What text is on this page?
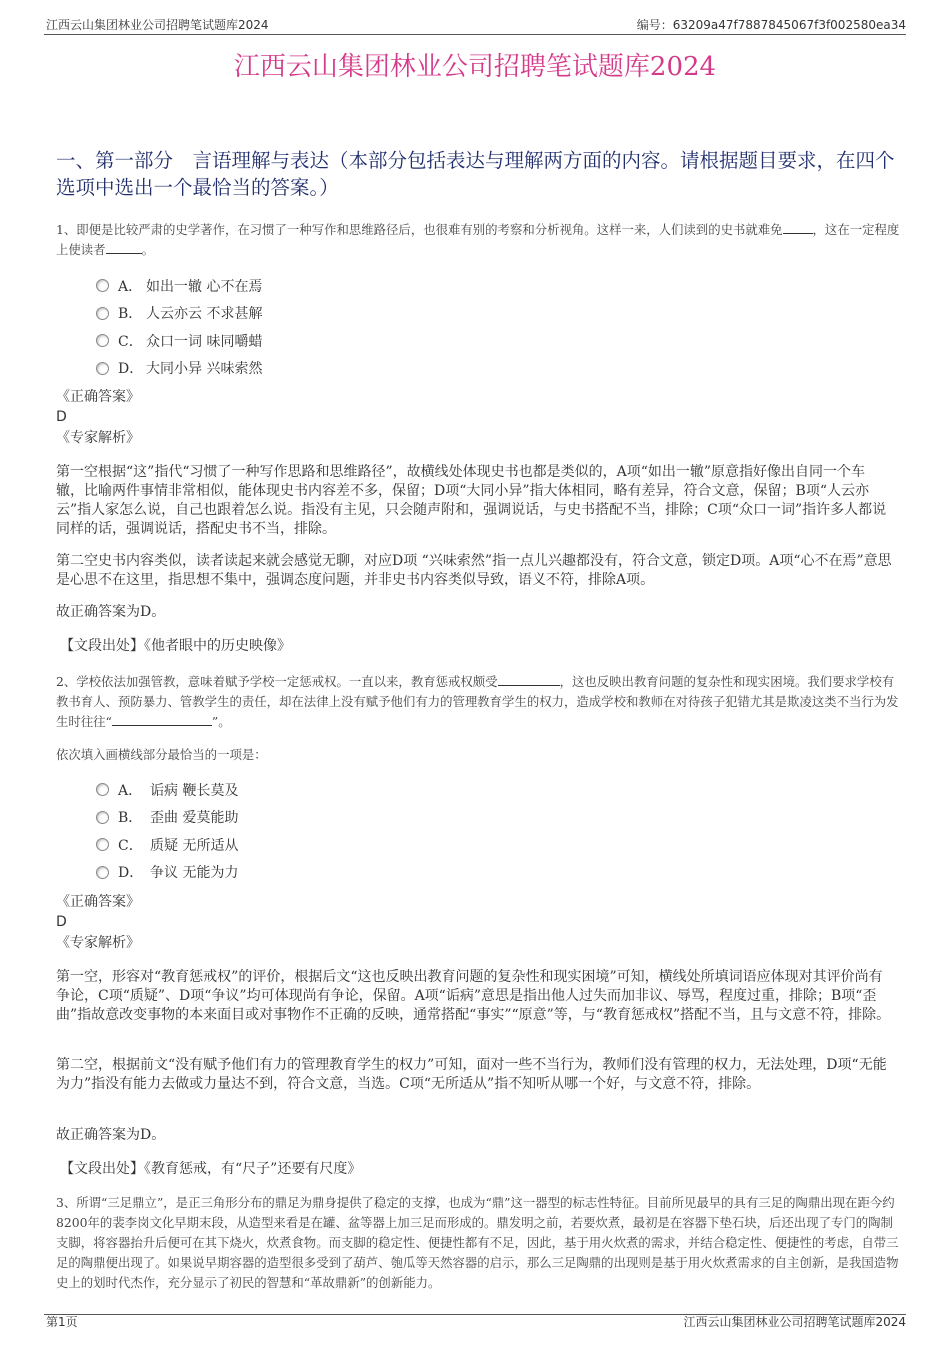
江西云山集团林业公司招聘笔试题库2024	编号：63209a47f7887845067f3f002580ea34
江西云山集团林业公司招聘笔试题库2024
一、第一部分　言语理解与表达（本部分包括表达与理解两方面的内容。请根据题目要求，在四个选项中选出一个最恰当的答案。）
1、即便是比较严肃的史学著作，在习惯了一种写作和思维路径后，也很难有别的考察和分析视角。这样一来，人们读到的史书就难免 ，这在一定程度上使读者	。
A． 如出一辙 心不在焉
B． 人云亦云 不求甚解
C． 众口一词 味同嚼蜡
D． 大同小异 兴味索然
《正确答案》
D
《专家解析》
第一空根据“这”指代“习惯了一种写作思路和思维路径”，故横线处体现史书也都是类似的，A项“如出一辙”原意指好像出自同一个车辙，比喻两件事情非常相似，能体现史书内容差不多，保留；D项“大同小异”指大体相同，略有差异，符合文意，保留；B项“人云亦云”指人家怎么说，自己也跟着怎么说。指没有主见，只会随声附和，强调说话，与史书搭配不当，排除；C项“众口一词”指许多人都说同样的话，强调说话，搭配史书不当，排除。
第二空史书内容类似，读者读起来就会感觉无聊，对应D项 “兴味索然”指一点儿兴趣都没有，符合文意，锁定D项。A项“心不在焉”意思是心思不在这里，指思想不集中，强调态度问题，并非史书内容类似导致，语义不符，排除A项。
故正确答案为D。
【文段出处】《他者眼中的历史映像》
2、学校依法加强管教，意味着赋予学校一定惩戒权。一直以来，教育惩戒权颇受	，这也反映出教育问题的复杂性和现实困境。我们要求学校有教书育人、预防暴力、管教学生的责任，却在法律上没有赋予他们有力的管理教育学生的权力，造成学校和教师在对待孩子犯错尤其是欺凌这类不当行为发生时往往“	”。
依次填入画横线部分最恰当的一项是：
A． 诟病 鞭长莫及
B． 歪曲 爱莫能助
C． 质疑 无所适从
D． 争议 无能为力
《正确答案》
D
《专家解析》
第一空，形容对“教育惩戒权”的评价，根据后文“这也反映出教育问题的复杂性和现实困境”可知，横线处所填词语应体现对其评价尚有争论，C项“质疑”、D项“争议”均可体现尚有争论，保留。A项“诟病”意思是指出他人过失而加非议、辱骂，程度过重，排除；B项“歪曲”指故意改变事物的本来面目或对事物作不正确的反映，通常搭配“事实”“原意”等，与“教育惩戒权”搭配不当，且与文意不符，排除。
第二空，根据前文“没有赋予他们有力的管理教育学生的权力”可知，面对一些不当行为，教师们没有管理的权力，无法处理，D项“无能为力”指没有能力去做或力量达不到，符合文意，当选。C项“无所适从”指不知听从哪一个好，与文意不符，排除。
故正确答案为D。
【文段出处】《教育惩戒，有“尺子”还要有尺度》
3、所谓“三足鼎立”，是正三角形分布的鼎足为鼎身提供了稳定的支撑，也成为“鼎”这一器型的标志性特征。目前所见最早的具有三足的陶鼎出现在距今约8200年的裴李岗文化早期末段，从造型来看是在罐、盆等器上加三足而形成的。鼎发明之前，若要炊煮，最初是在容器下垫石块，后还出现了专门的陶制支脚，将容器抬升后便可在其下烧火，炊煮食物。而支脚的稳定性、便捷性都有不足，因此，基于用火炊煮的需求，并结合稳定性、便捷性的考虑，自带三足的陶鼎便出现了。如果说早期容器的造型很多受到了葫芦、匏瓜等天然容器的启示，那么三足陶鼎的出现则是基于用火炊煮需求的自主创新，是我国造物史上的划时代杰作，充分显示了初民的智慧和“革故鼎新”的创新能力。
第1页	江西云山集团林业公司招聘笔试题库2024
